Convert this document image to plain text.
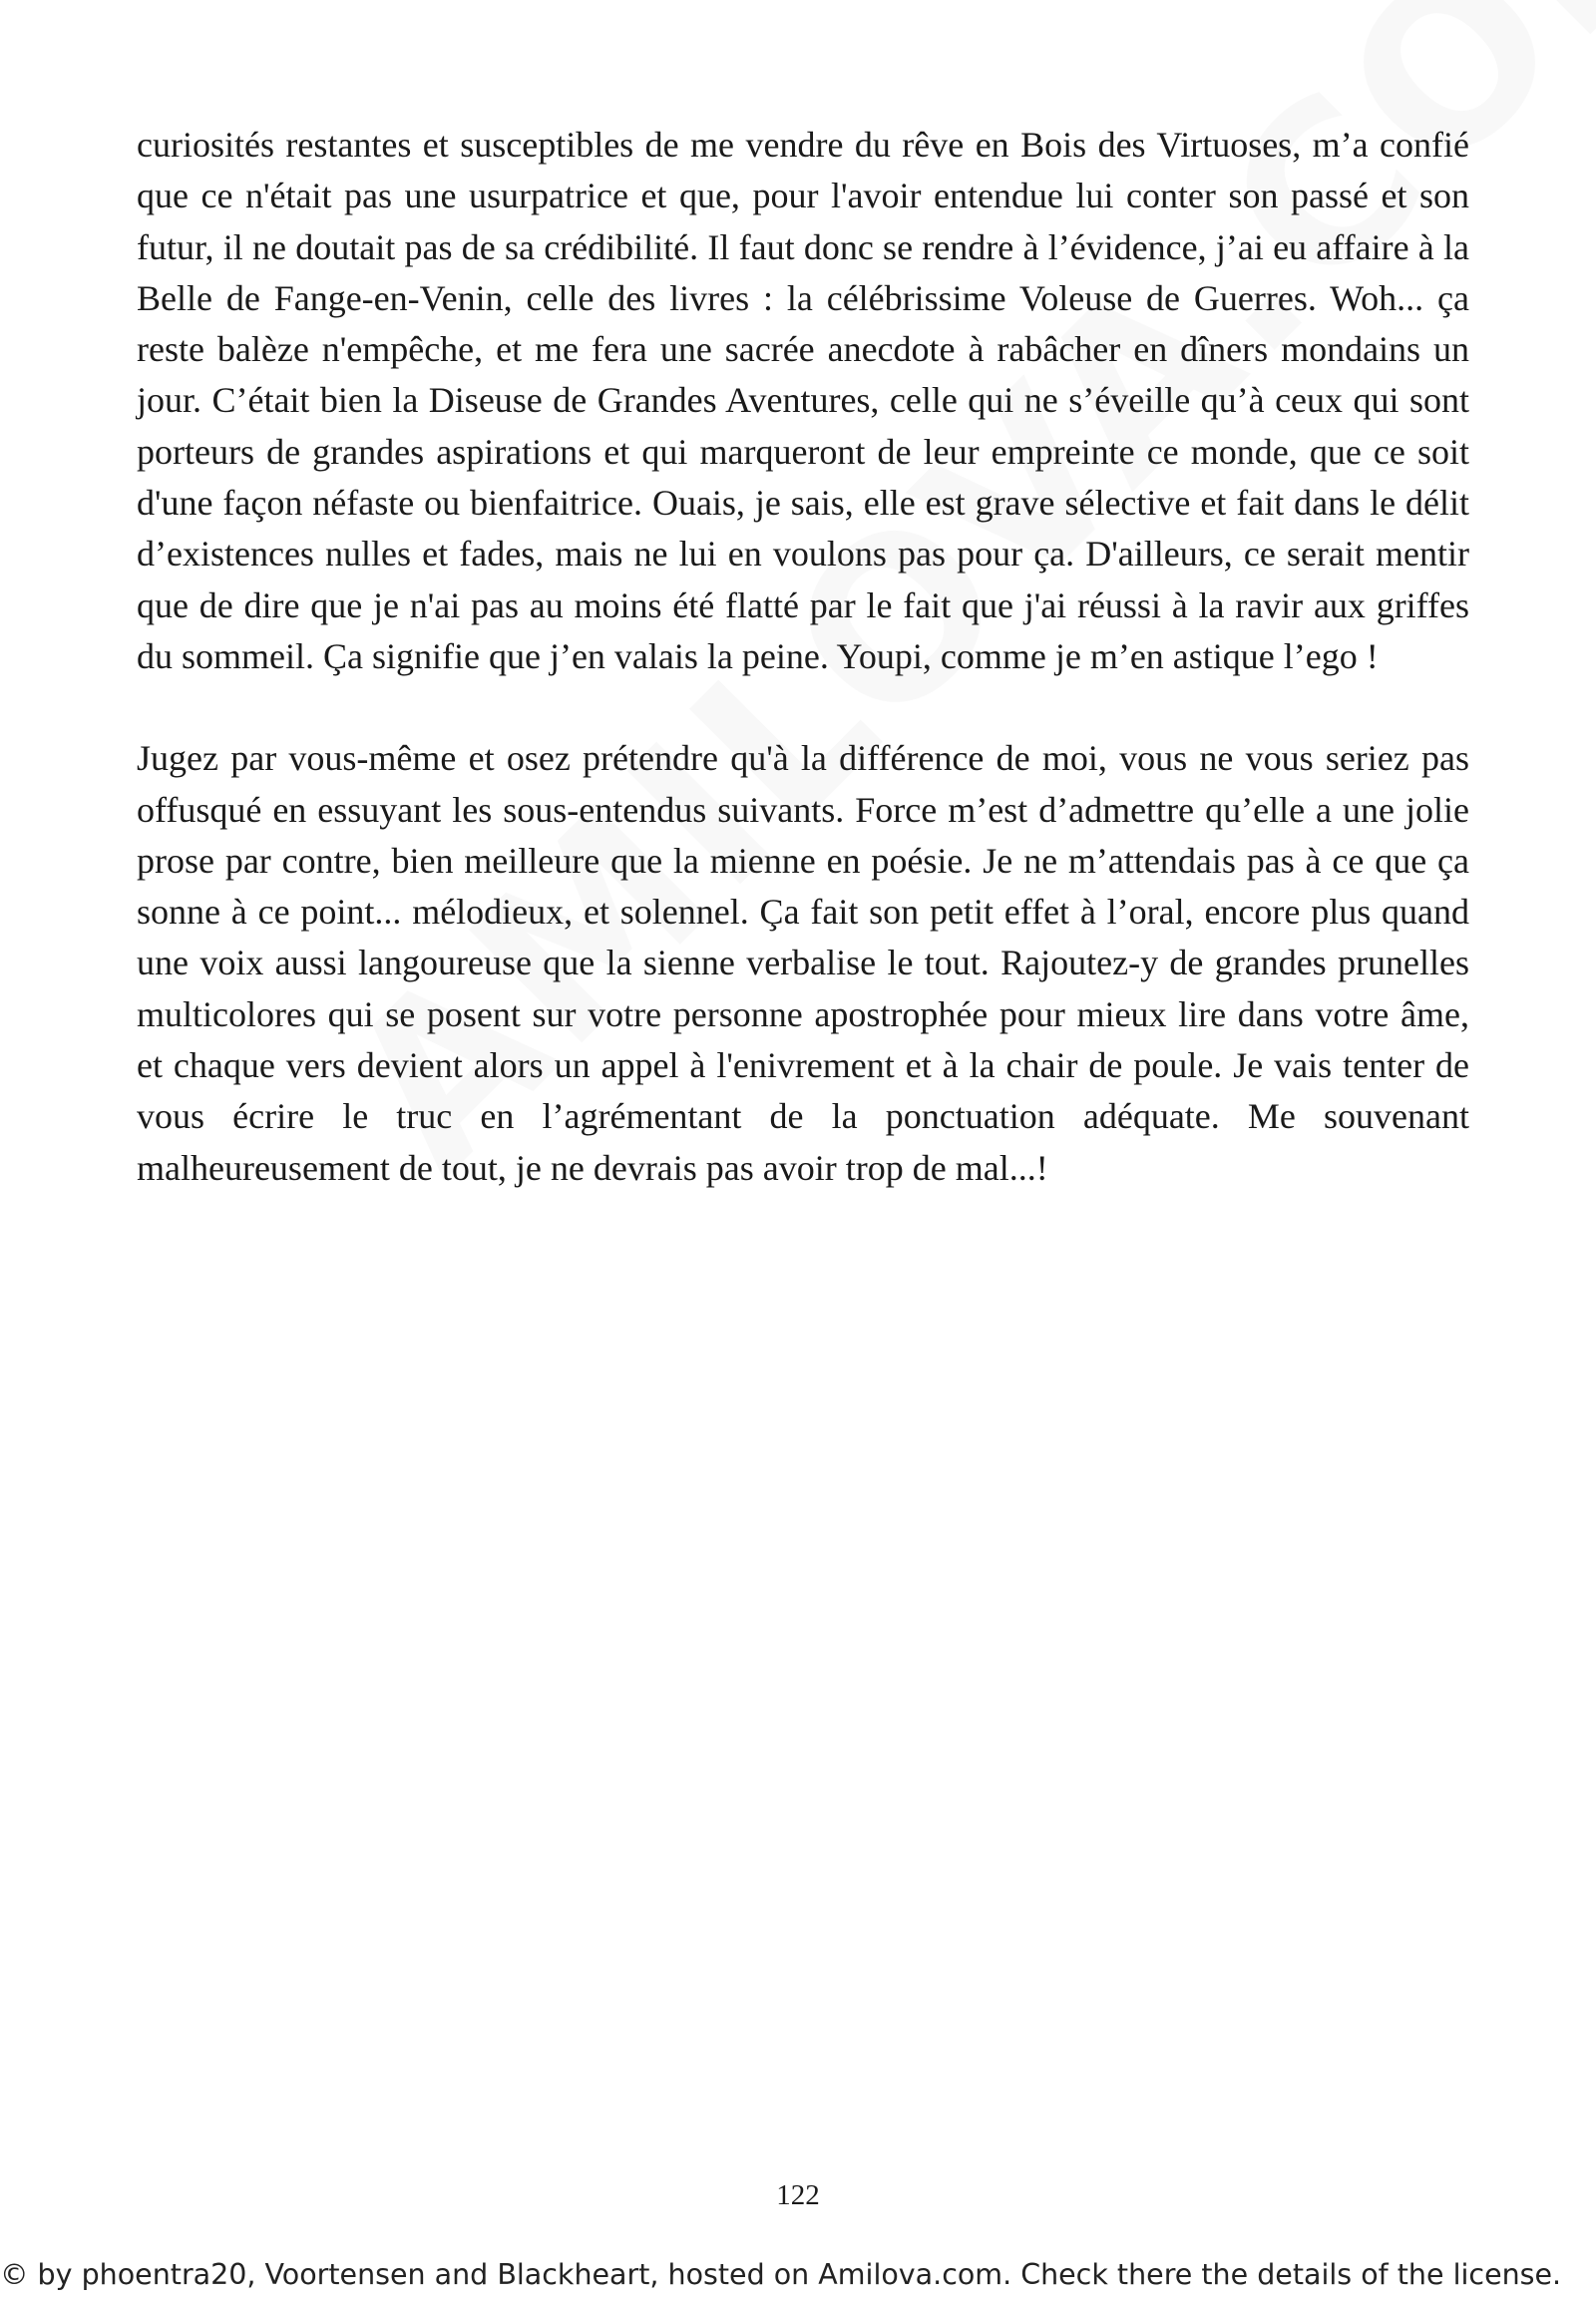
curiosités restantes et susceptibles de me vendre du rêve en Bois des Virtuoses, m’a confié que ce n'était pas une usurpatrice et que, pour l'avoir entendue lui conter son passé et son futur, il ne doutait pas de sa crédibilité. Il faut donc se rendre à l’évidence, j’ai eu affaire à la Belle de Fange-en-Venin, celle des livres : la célébrissime Voleuse de Guerres. Woh... ça reste balèze n'empêche, et me fera une sacrée anecdote à rabâcher en dîners mondains un jour. C’était bien la Diseuse de Grandes Aventures, celle qui ne s’éveille qu’à ceux qui sont porteurs de grandes aspirations et qui marqueront de leur empreinte ce monde, que ce soit d'une façon néfaste ou bienfaitrice. Ouais, je sais, elle est grave sélective et fait dans le délit d’existences nulles et fades, mais ne lui en voulons pas pour ça. D'ailleurs, ce serait mentir que de dire que je n'ai pas au moins été flatté par le fait que j'ai réussi à la ravir aux griffes du sommeil. Ça signifie que j’en valais la peine. Youpi, comme je m’en astique l’ego !

Jugez par vous-même et osez prétendre qu'à la différence de moi, vous ne vous seriez pas offusqué en essuyant les sous-entendus suivants. Force m’est d’admettre qu’elle a une jolie prose par contre, bien meilleure que la mienne en poésie. Je ne m’attendais pas à ce que ça sonne à ce point... mélodieux, et solennel. Ça fait son petit effet à l’oral, encore plus quand une voix aussi langoureuse que la sienne verbalise le tout. Rajoutez-y de grandes prunelles multicolores qui se posent sur votre personne apostrophée pour mieux lire dans votre âme, et chaque vers devient alors un appel à l'enivrement et à la chair de poule. Je vais tenter de vous écrire le truc en l’agrémentant de la ponctuation adéquate. Me souvenant malheureusement de tout, je ne devrais pas avoir trop de mal...!

122
© by phoentra20, Voortensen and Blackheart, hosted on Amilova.com. Check there the details of the license.
